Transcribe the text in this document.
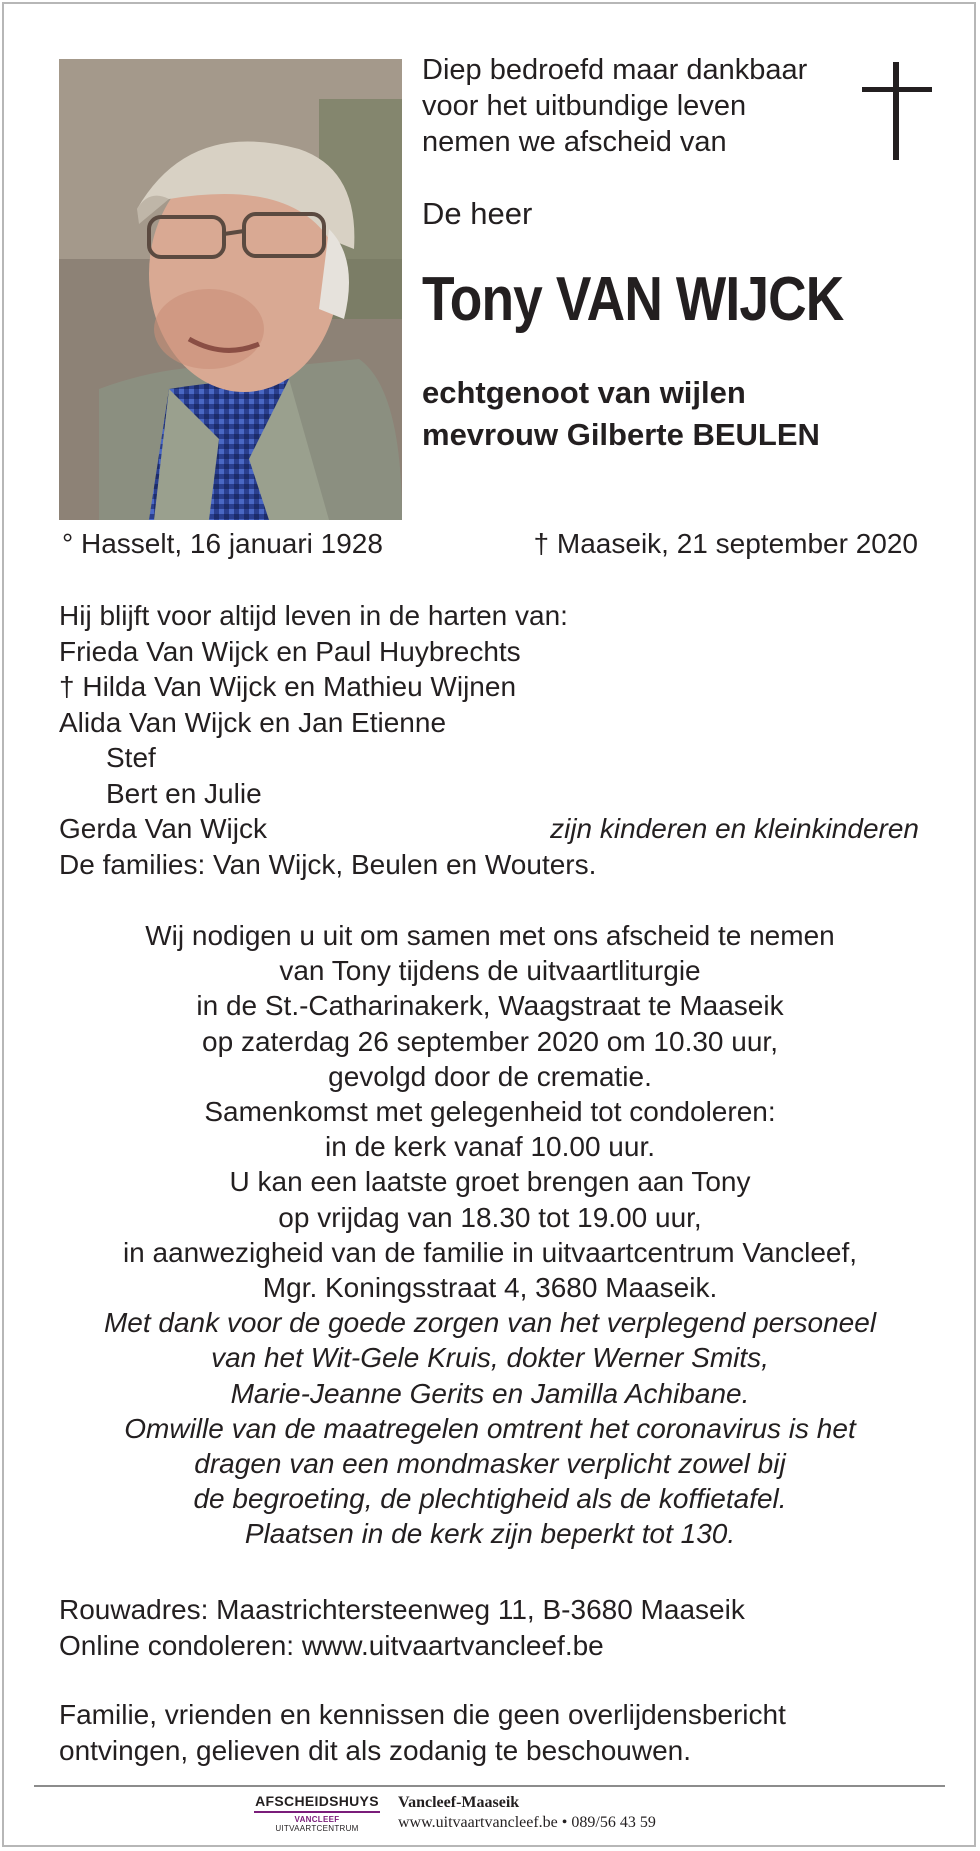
Diep bedroefd maar dankbaar
voor het uitbundige leven
nemen we afscheid van
De heer
Tony VAN WIJCK
echtgenoot van wijlen
mevrouw Gilberte BEULEN
° Hasselt, 16 januari 1928	† Maaseik, 21 september 2020
Hij blijft voor altijd leven in de harten van:
Frieda Van Wijck en Paul Huybrechts
† Hilda Van Wijck en Mathieu Wijnen
Alida Van Wijck en Jan Etienne
Stef
Bert en Julie
Gerda Van Wijck	zijn kinderen en kleinkinderen
De families: Van Wijck, Beulen en Wouters.
Wij nodigen u uit om samen met ons afscheid te nemen
van Tony tijdens de uitvaartliturgie
in de St.-Catharinakerk, Waagstraat te Maaseik
op zaterdag 26 september 2020 om 10.30 uur,
gevolgd door de crematie.
Samenkomst met gelegenheid tot condoleren:
in de kerk vanaf 10.00 uur.
U kan een laatste groet brengen aan Tony
op vrijdag van 18.30 tot 19.00 uur,
in aanwezigheid van de familie in uitvaartcentrum Vancleef,
Mgr. Koningsstraat 4, 3680 Maaseik.
Met dank voor de goede zorgen van het verplegend personeel
van het Wit-Gele Kruis, dokter Werner Smits,
Marie-Jeanne Gerits en Jamilla Achibane.
Omwille van de maatregelen omtrent het coronavirus is het
dragen van een mondmasker verplicht zowel bij
de begroeting, de plechtigheid als de koffietafel.
Plaatsen in de kerk zijn beperkt tot 130.
Rouwadres: Maastrichtersteenweg 11, B-3680 Maaseik
Online condoleren: www.uitvaartvancleef.be
Familie, vrienden en kennissen die geen overlijdensbericht
ontvingen, gelieven dit als zodanig te beschouwen.
AFSCHEIDSHUYS
VANCLEEF UITVAARTCENTRUM
Vancleef-Maaseik
www.uitvaartvancleef.be • 089/56 43 59
